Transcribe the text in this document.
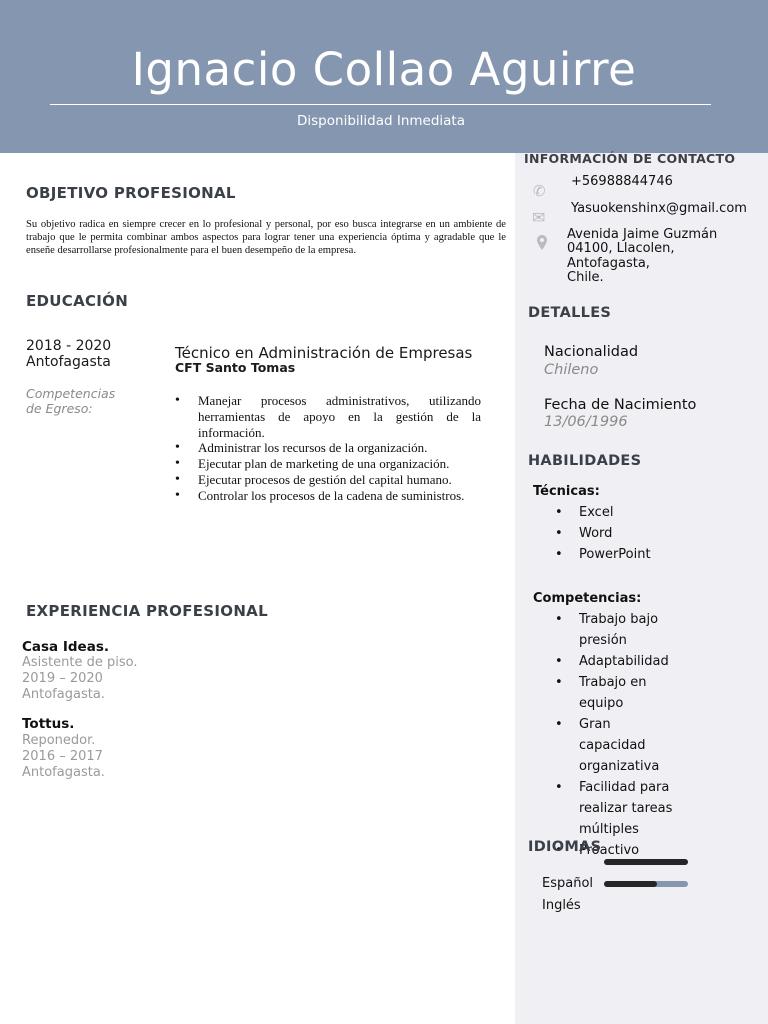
Ignacio Collao Aguirre
Disponibilidad Inmediata
OBJETIVO PROFESIONAL
Su objetivo radica en siempre crecer en lo profesional y personal, por eso busca integrarse en un ambiente de trabajo que le permita combinar ambos aspectos para lograr tener una experiencia óptima y agradable que le enseñe desarrollarse profesionalmente para el buen desempeño de la empresa.
EDUCACIÓN
2018 - 2020
Antofagasta	Técnico en Administración de Empresas
CFT Santo Tomas
Competencias de Egreso:
• Manejar procesos administrativos, utilizando herramientas de apoyo en la gestión de la información.
• Administrar los recursos de la organización.
• Ejecutar plan de marketing de una organización.
• Ejecutar procesos de gestión del capital humano.
• Controlar los procesos de la cadena de suministros.
EXPERIENCIA PROFESIONAL
Casa Ideas.
Asistente de piso.
2019 – 2020
Antofagasta.
Tottus.
Reponedor.
2016 – 2017
Antofagasta.
INFORMACIÓN DE CONTACTO
✆
+56988844746
✉ Yasuokenshinx@gmail.com
Avenida Jaime Guzmán
04100, Llacolen,
Antofagasta,
Chile.
DETALLES
Nacionalidad
Chileno
Fecha de Nacimiento
13/06/1996
HABILIDADES
Técnicas:
• Excel
• Word
• PowerPoint
Competencias:
• Trabajo bajo presión
• Adaptabilidad
• Trabajo en equipo
• Gran capacidad organizativa
• Facilidad para realizar tareas múltiples
• Proactivo
IDIOMAS
Español
Inglés
